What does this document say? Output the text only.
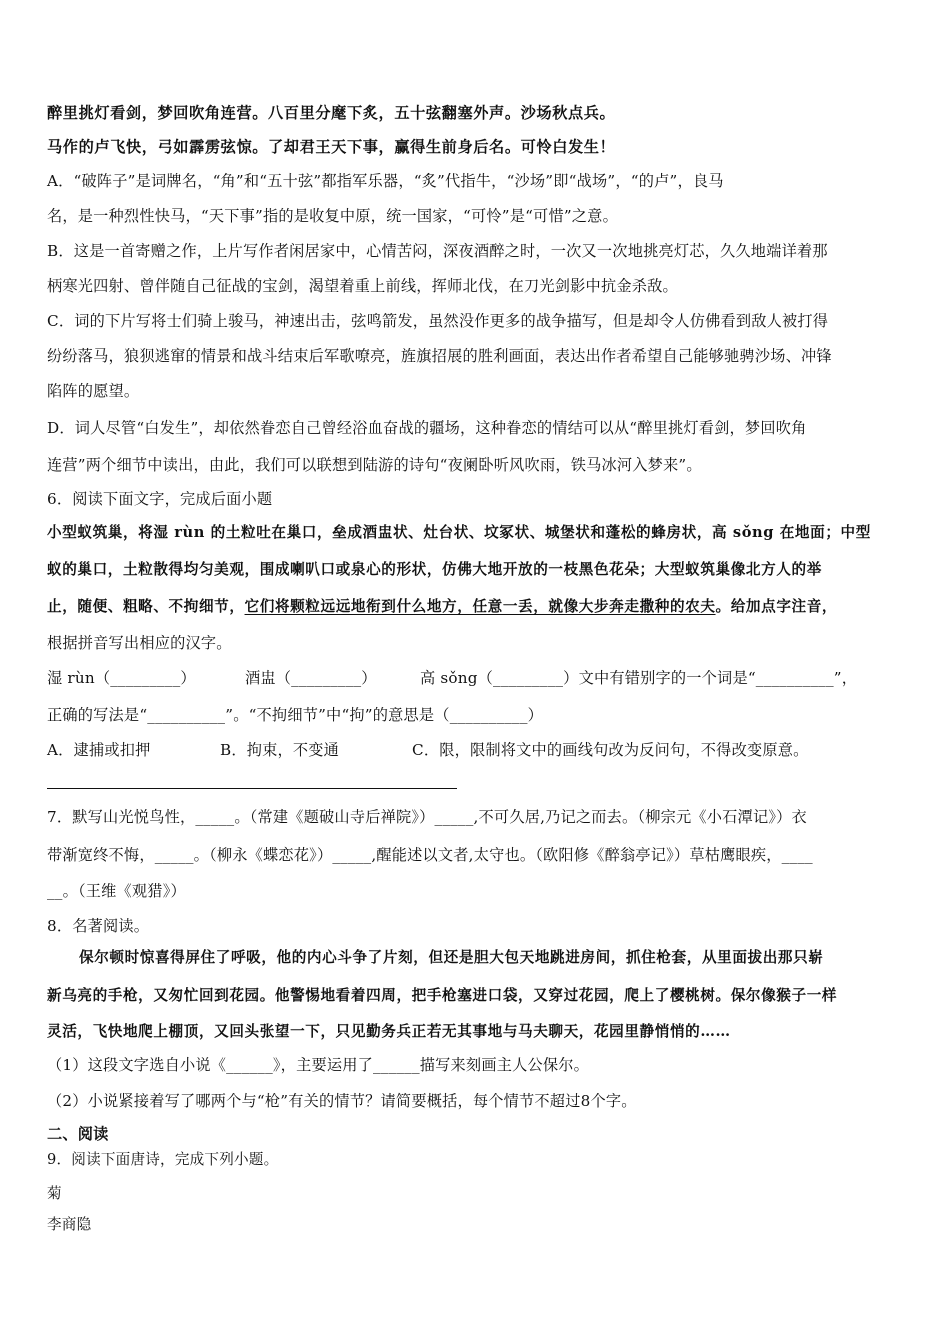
醉里挑灯看剑，梦回吹角连营。八百里分麾下炙，五十弦翻塞外声。沙场秋点兵。
马作的卢飞快，弓如霹雳弦惊。了却君王天下事，赢得生前身后名。可怜白发生！
A．“破阵子”是词牌名，“角”和“五十弦”都指军乐器，“炙”代指牛，“沙场”即“战场”，“的卢”，良马
名，是一种烈性快马，“天下事”指的是收复中原，统一国家，“可怜”是“可惜”之意。
B．这是一首寄赠之作，上片写作者闲居家中，心情苦闷，深夜酒醉之时，一次又一次地挑亮灯芯，久久地端详着那
柄寒光四射、曾伴随自己征战的宝剑，渴望着重上前线，挥师北伐，在刀光剑影中抗金杀敌。
C．词的下片写将士们骑上骏马，神速出击，弦鸣箭发，虽然没作更多的战争描写，但是却令人仿佛看到敌人被打得
纷纷落马，狼狈逃窜的情景和战斗结束后军歌嘹亮，旌旗招展的胜利画面，表达出作者希望自己能够驰骋沙场、冲锋
陷阵的愿望。
D．词人尽管“白发生”，却依然眷恋自己曾经浴血奋战的疆场，这种眷恋的情结可以从“醉里挑灯看剑，梦回吹角
连营”两个细节中读出，由此，我们可以联想到陆游的诗句“夜阑卧听风吹雨，铁马冰河入梦来”。
6．阅读下面文字，完成后面小题
小型蚁筑巢，将湿 rùn 的土粒吐在巢口，垒成酒盅状、灶台状、坟冢状、城堡状和蓬松的蜂房状，高 sǒng 在地面；中型
蚁的巢口，土粒散得均匀美观，围成喇叭口或泉心的形状，仿佛大地开放的一枝黑色花朵；大型蚁筑巢像北方人的举
止，随便、粗略、不拘细节，它们将颗粒远远地衔到什么地方，任意一丢，就像大步奔走撒种的农夫。给加点字注音，
根据拼音写出相应的汉字。
湿 rùn（_________）	酒盅（_________）	高 sǒng（_________）文中有错别字的一个词是“__________”，
正确的写法是“__________”。“不拘细节”中“拘”的意思是（__________）
A．逮捕或扣押	B．拘束，不变通	C．限，限制将文中的画线句改为反问句，不得改变原意。
7．默写山光悦鸟性，_____。（常建《题破山寺后禅院》）_____,不可久居,乃记之而去。（柳宗元《小石潭记》）衣
带渐宽终不悔，_____。（柳永《蝶恋花》）_____,醒能述以文者,太守也。（欧阳修《醉翁亭记》）草枯鹰眼疾，____
__。（王维《观猎》）
8．名著阅读。
保尔顿时惊喜得屏住了呼吸，他的内心斗争了片刻，但还是胆大包天地跳进房间，抓住枪套，从里面拔出那只崭
新乌亮的手枪，又匆忙回到花园。他警惕地看着四周，把手枪塞进口袋，又穿过花园，爬上了樱桃树。保尔像猴子一样
灵活，飞快地爬上棚顶，又回头张望一下，只见勤务兵正若无其事地与马夫聊天，花园里静悄悄的……
（1）这段文字选自小说《______》，主要运用了______描写来刻画主人公保尔。
（2）小说紧接着写了哪两个与“枪”有关的情节？请简要概括，每个情节不超过8个字。
二、阅读
9．阅读下面唐诗，完成下列小题。
菊
李商隐
